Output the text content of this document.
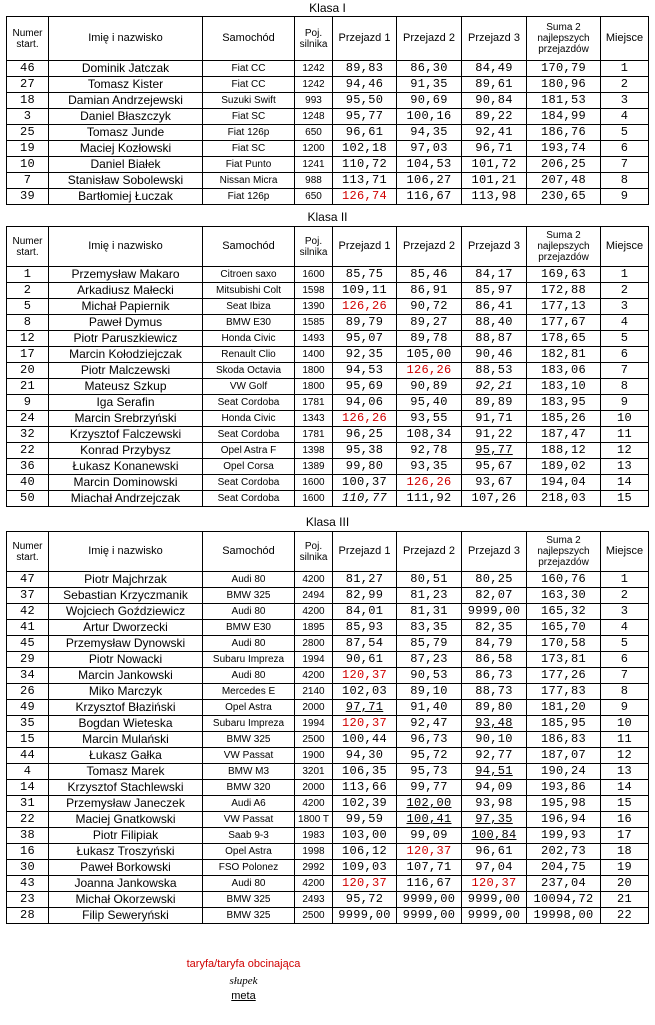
Klasa I
Numer start.	Imię i nazwisko	Samochód	Poj. silnika	Przejazd 1	Przejazd 2	Przejazd 3	Suma 2 najlepszych przejazdów	Miejsce
46	Dominik Jatczak	Fiat CC	1242	89,83	86,30	84,49	170,79	1
27	Tomasz Kister	Fiat CC	1242	94,46	91,35	89,61	180,96	2
18	Damian Andrzejewski	Suzuki Swift	993	95,50	90,69	90,84	181,53	3
3	Daniel Błaszczyk	Fiat SC	1248	95,77	100,16	89,22	184,99	4
25	Tomasz Junde	Fiat 126p	650	96,61	94,35	92,41	186,76	5
19	Maciej Kozłowski	Fiat SC	1200	102,18	97,03	96,71	193,74	6
10	Daniel Białek	Fiat Punto	1241	110,72	104,53	101,72	206,25	7
7	Stanisław Sobolewski	Nissan Micra	988	113,71	106,27	101,21	207,48	8
39	Bartłomiej Łuczak	Fiat 126p	650	126,74	116,67	113,98	230,65	9
Klasa II
Numer start.	Imię i nazwisko	Samochód	Poj. silnika	Przejazd 1	Przejazd 2	Przejazd 3	Suma 2 najlepszych przejazdów	Miejsce
1	Przemysław Makaro	Citroen saxo	1600	85,75	85,46	84,17	169,63	1
2	Arkadiusz Małecki	Mitsubishi Colt	1598	109,11	86,91	85,97	172,88	2
5	Michał Papiernik	Seat Ibiza	1390	126,26	90,72	86,41	177,13	3
8	Paweł Dymus	BMW E30	1585	89,79	89,27	88,40	177,67	4
12	Piotr Paruszkiewicz	Honda Civic	1493	95,07	89,78	88,87	178,65	5
17	Marcin Kołodziejczak	Renault Clio	1400	92,35	105,00	90,46	182,81	6
20	Piotr Malczewski	Skoda Octavia	1800	94,53	126,26	88,53	183,06	7
21	Mateusz Szkup	VW Golf	1800	95,69	90,89	92,21	183,10	8
9	Iga Serafin	Seat Cordoba	1781	94,06	95,40	89,89	183,95	9
24	Marcin Srebrzyński	Honda Civic	1343	126,26	93,55	91,71	185,26	10
32	Krzysztof Falczewski	Seat Cordoba	1781	96,25	108,34	91,22	187,47	11
22	Konrad Przybysz	Opel Astra F	1398	95,38	92,78	95,77	188,12	12
36	Łukasz Konanewski	Opel Corsa	1389	99,80	93,35	95,67	189,02	13
40	Marcin Dominowski	Seat Cordoba	1600	100,37	126,26	93,67	194,04	14
50	Miachał Andrzejczak	Seat Cordoba	1600	110,77	111,92	107,26	218,03	15
Klasa III
Numer start.	Imię i nazwisko	Samochód	Poj. silnika	Przejazd 1	Przejazd 2	Przejazd 3	Suma 2 najlepszych przejazdów	Miejsce
47	Piotr Majchrzak	Audi 80	4200	81,27	80,51	80,25	160,76	1
37	Sebastian Krzyczmanik	BMW 325	2494	82,99	81,23	82,07	163,30	2
42	Wojciech Goździewicz	Audi 80	4200	84,01	81,31	9999,00	165,32	3
41	Artur Dworzecki	BMW E30	1895	85,93	83,35	82,35	165,70	4
45	Przemysław Dynowski	Audi 80	2800	87,54	85,79	84,79	170,58	5
29	Piotr Nowacki	Subaru Impreza	1994	90,61	87,23	86,58	173,81	6
34	Marcin Jankowski	Audi 80	4200	120,37	90,53	86,73	177,26	7
26	Miko Marczyk	Mercedes E	2140	102,03	89,10	88,73	177,83	8
49	Krzysztof Błaziński	Opel Astra	2000	97,71	91,40	89,80	181,20	9
35	Bogdan Wieteska	Subaru Impreza	1994	120,37	92,47	93,48	185,95	10
15	Marcin Mulański	BMW 325	2500	100,44	96,73	90,10	186,83	11
44	Łukasz Gałka	VW Passat	1900	94,30	95,72	92,77	187,07	12
4	Tomasz Marek	BMW M3	3201	106,35	95,73	94,51	190,24	13
14	Krzysztof Stachlewski	BMW 320	2000	113,66	99,77	94,09	193,86	14
31	Przemysław Janeczek	Audi A6	4200	102,39	102,00	93,98	195,98	15
22	Maciej Gnatkowski	VW Passat	1800 T	99,59	100,41	97,35	196,94	16
38	Piotr Filipiak	Saab 9-3	1983	103,00	99,09	100,84	199,93	17
16	Łukasz Troszyński	Opel Astra	1998	106,12	120,37	96,61	202,73	18
30	Paweł Borkowski	FSO Polonez	2992	109,03	107,71	97,04	204,75	19
43	Joanna Jankowska	Audi 80	4200	120,37	116,67	120,37	237,04	20
23	Michał Okorzewski	BMW 325	2493	95,72	9999,00	9999,00	10094,72	21
28	Filip Seweryński	BMW 325	2500	9999,00	9999,00	9999,00	19998,00	22
taryfa/taryfa obcinająca
słupek
meta
